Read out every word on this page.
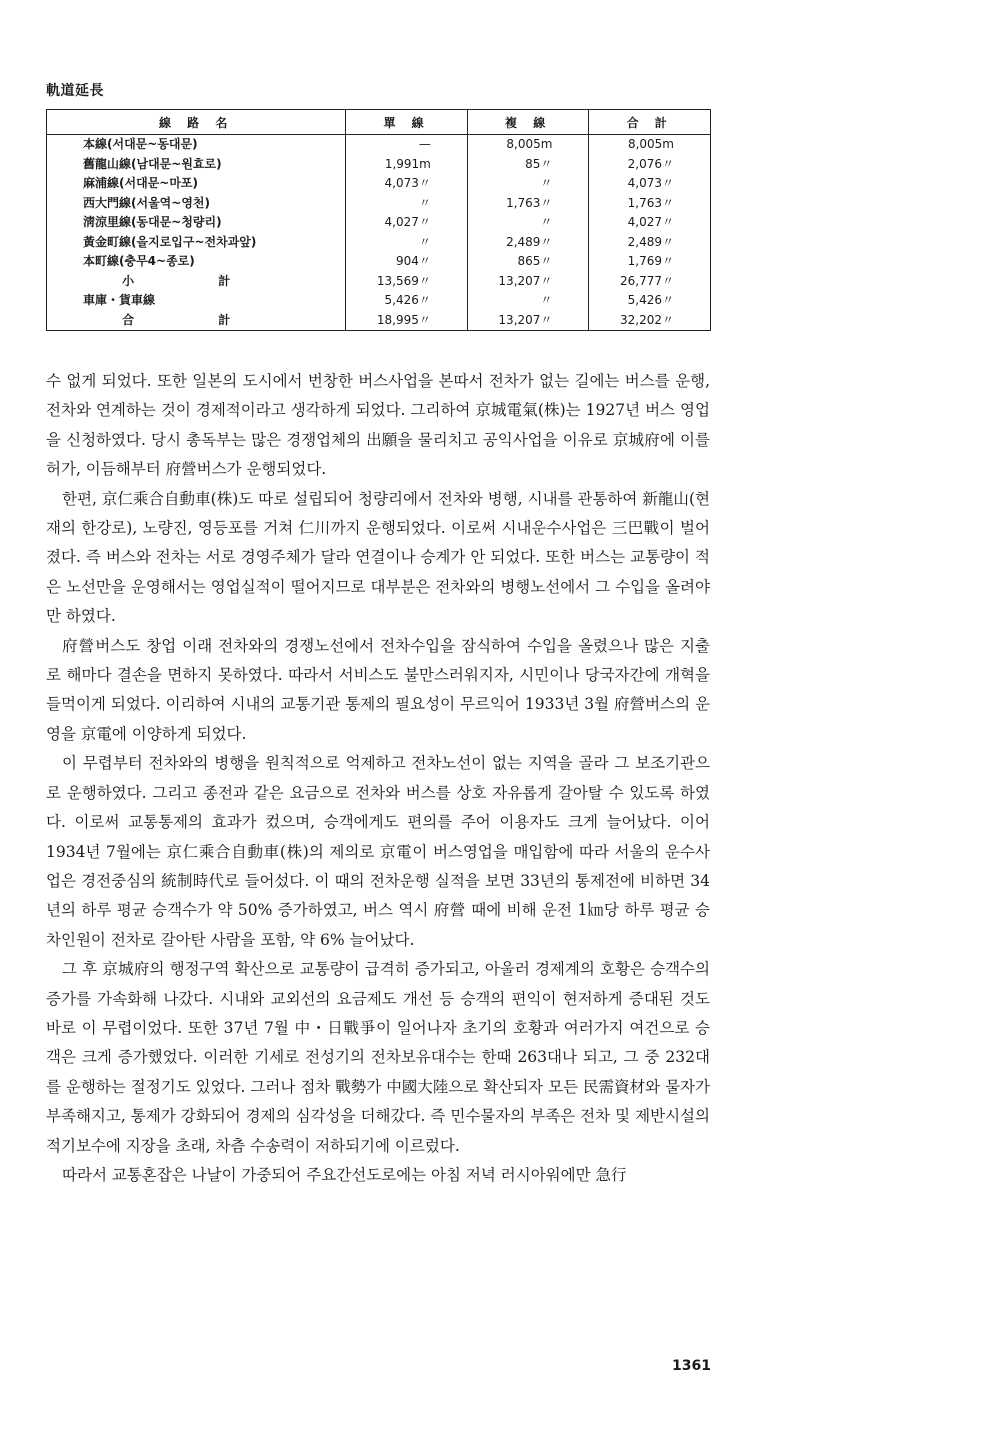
軌道延長
線 路 名	單 線	複 線	合 計
本線(서대문~동대문)	—	8,005m	8,005m
舊龍山線(남대문~원효로)	1,991m	85〃	2,076〃
麻浦線(서대문~마포)	4,073〃	〃	4,073〃
西大門線(서울역~영천)	〃	1,763〃	1,763〃
淸涼里線(동대문~청량리)	4,027〃	〃	4,027〃
黃金町線(을지로입구~전차과앞)	〃	2,489〃	2,489〃
本町線(충무4~종로)	904〃	865〃	1,769〃
小 計	13,569〃	13,207〃	26,777〃
車庫・貨車線	5,426〃	〃	5,426〃
合 計	18,995〃	13,207〃	32,202〃

수 없게 되었다. 또한 일본의 도시에서 번창한 버스사업을 본따서 전차가 없는 길에는 버스를 운행, 전차와 연계하는 것이 경제적이라고 생각하게 되었다. 그리하여 京城電氣(株)는 1927년 버스 영업을 신청하였다. 당시 총독부는 많은 경쟁업체의 出願을 물리치고 공익사업을 이유로 京城府에 이를 허가, 이듬해부터 府營버스가 운행되었다.

한편, 京仁乘合自動車(株)도 따로 설립되어 청량리에서 전차와 병행, 시내를 관통하여 新龍山(현재의 한강로), 노량진, 영등포를 거쳐 仁川까지 운행되었다. 이로써 시내운수사업은 三巴戰이 벌어졌다. 즉 버스와 전차는 서로 경영주체가 달라 연결이나 승계가 안 되었다. 또한 버스는 교통량이 적은 노선만을 운영해서는 영업실적이 떨어지므로 대부분은 전차와의 병행노선에서 그 수입을 올려야만 하였다.

府營버스도 창업 이래 전차와의 경쟁노선에서 전차수입을 잠식하여 수입을 올렸으나 많은 지출로 해마다 결손을 면하지 못하였다. 따라서 서비스도 불만스러워지자, 시민이나 당국자간에 개혁을 들먹이게 되었다. 이리하여 시내의 교통기관 통제의 필요성이 무르익어 1933년 3월 府營버스의 운영을 京電에 이양하게 되었다.

이 무렵부터 전차와의 병행을 원칙적으로 억제하고 전차노선이 없는 지역을 골라 그 보조기관으로 운행하였다. 그리고 종전과 같은 요금으로 전차와 버스를 상호 자유롭게 갈아탈 수 있도록 하였다. 이로써 교통통제의 효과가 컸으며, 승객에게도 편의를 주어 이용자도 크게 늘어났다. 이어 1934년 7월에는 京仁乘合自動車(株)의 제의로 京電이 버스영업을 매입함에 따라 서울의 운수사업은 경전중심의 統制時代로 들어섰다. 이 때의 전차운행 실적을 보면 33년의 통제전에 비하면 34년의 하루 평균 승객수가 약 50% 증가하였고, 버스 역시 府營 때에 비해 운전 1㎞당 하루 평균 승차인원이 전차로 갈아탄 사람을 포함, 약 6% 늘어났다.

그 후 京城府의 행정구역 확산으로 교통량이 급격히 증가되고, 아울러 경제계의 호황은 승객수의 증가를 가속화해 나갔다. 시내와 교외선의 요금제도 개선 등 승객의 편익이 현저하게 증대된 것도 바로 이 무렵이었다. 또한 37년 7월 中・日戰爭이 일어나자 초기의 호황과 여러가지 여건으로 승객은 크게 증가했었다. 이러한 기세로 전성기의 전차보유대수는 한때 263대나 되고, 그 중 232대를 운행하는 절정기도 있었다. 그러나 점차 戰勢가 中國大陸으로 확산되자 모든 民需資材와 물자가 부족해지고, 통제가 강화되어 경제의 심각성을 더해갔다. 즉 민수물자의 부족은 전차 및 제반시설의 적기보수에 지장을 초래, 차츰 수송력이 저하되기에 이르렀다.

따라서 교통혼잡은 나날이 가중되어 주요간선도로에는 아침 저녁 러시아워에만 急行

1361
